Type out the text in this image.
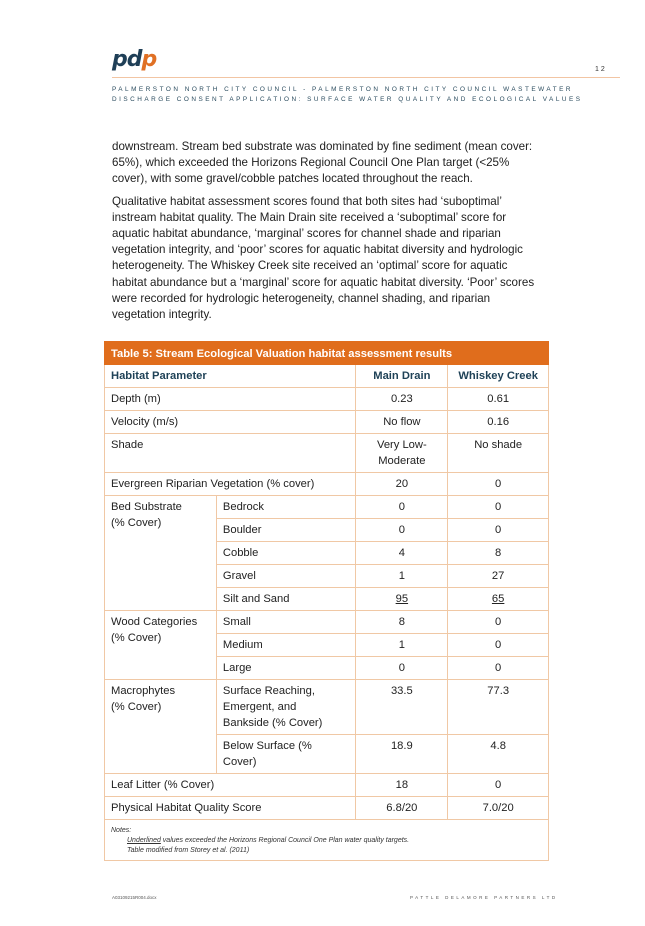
pdp	12
PALMERSTON NORTH CITY COUNCIL - PALMERSTON NORTH CITY COUNCIL WASTEWATER
DISCHARGE CONSENT APPLICATION: SURFACE WATER QUALITY AND ECOLOGICAL VALUES

downstream. Stream bed substrate was dominated by fine sediment (mean cover: 65%), which exceeded the Horizons Regional Council One Plan target (<25% cover), with some gravel/cobble patches located throughout the reach.

Qualitative habitat assessment scores found that both sites had ‘suboptimal’ instream habitat quality. The Main Drain site received a ‘suboptimal’ score for aquatic habitat abundance, ‘marginal’ scores for channel shade and riparian vegetation integrity, and ‘poor’ scores for aquatic habitat diversity and hydrologic heterogeneity. The Whiskey Creek site received an ‘optimal’ score for aquatic habitat abundance but a ‘marginal’ score for aquatic habitat diversity. ‘Poor’ scores were recorded for hydrologic heterogeneity, channel shading, and riparian vegetation integrity.

Table 5: Stream Ecological Valuation habitat assessment results			
Habitat Parameter		Main Drain	Whiskey Creek
Depth (m)		0.23	0.61
Velocity (m/s)		No flow	0.16
Shade		Very Low-Moderate	No shade
Evergreen Riparian Vegetation (% cover)		20	0
Bed Substrate (% Cover)	Bedrock	0	0
	Boulder	0	0
	Cobble	4	8
	Gravel	1	27
	Silt and Sand	95	65
Wood Categories (% Cover)	Small	8	0
	Medium	1	0
	Large	0	0
Macrophytes (% Cover)	Surface Reaching, Emergent, and Bankside (% Cover)	33.5	77.3
	Below Surface (% Cover)	18.9	4.8
Leaf Litter (% Cover)		18	0
Physical Habitat Quality Score		6.8/20	7.0/20
Notes:
Underlined values exceeded the Horizons Regional Council One Plan water quality targets.
Table modified from Storey et al. (2011)			
A03109215R004.docx	PATTLE DELAMORE PARTNERS LTD
